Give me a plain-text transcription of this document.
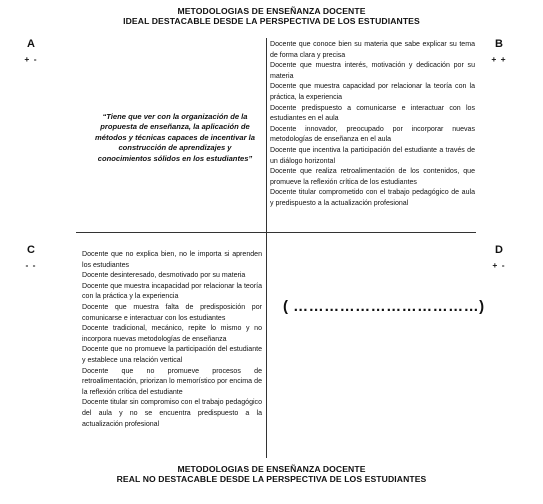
METODOLOGIAS DE ENSEÑANZA DOCENTE
IDEAL DESTACABLE DESDE LA PERSPECTIVA DE LOS ESTUDIANTES
A
+ -
B
+ +
C
- -
D
+ -
“Tiene que ver con la organización de la propuesta de enseñanza, la aplicación de métodos y técnicas capaces de incentivar la construcción de aprendizajes y conocimientos sólidos en los estudiantes”
Docente que conoce bien su materia que sabe explicar su tema de forma clara y precisa
Docente que muestra interés, motivación y dedicación por su materia
Docente que muestra capacidad por relacionar la teoría con la práctica, la experiencia
Docente predispuesto a comunicarse e interactuar con los estudiantes en el aula
Docente innovador, preocupado por incorporar nuevas metodologías de enseñanza en el aula
Docente que incentiva la participación del estudiante a través de un diálogo horizontal
Docente que realiza retroalimentación de los contenidos, que promueve la reflexión crítica de los estudiantes
Docente titular comprometido con el trabajo pedagógico de aula y predispuesto a la actualización profesional
Docente que no explica bien, no le importa si aprenden los estudiantes
Docente desinteresado, desmotivado por su materia
Docente que muestra incapacidad por relacionar la teoría con la práctica y la experiencia
Docente que muestra falta de predisposición por comunicarse e interactuar con los estudiantes
Docente tradicional, mecánico, repite lo mismo y no incorpora nuevas metodologías de enseñanza
Docente que no promueve la participación del estudiante y establece una relación vertical
Docente que no promueve procesos de retroalimentación, priorizan lo memorístico por encima de la reflexión crítica del estudiante
Docente titular sin compromiso con el trabajo pedagógico del aula y no se encuentra predispuesto a la actualización profesional
( ………………………………)
METODOLOGIAS DE ENSEÑANZA DOCENTE
REAL NO DESTACABLE DESDE LA PERSPECTIVA DE LOS ESTUDIANTES
